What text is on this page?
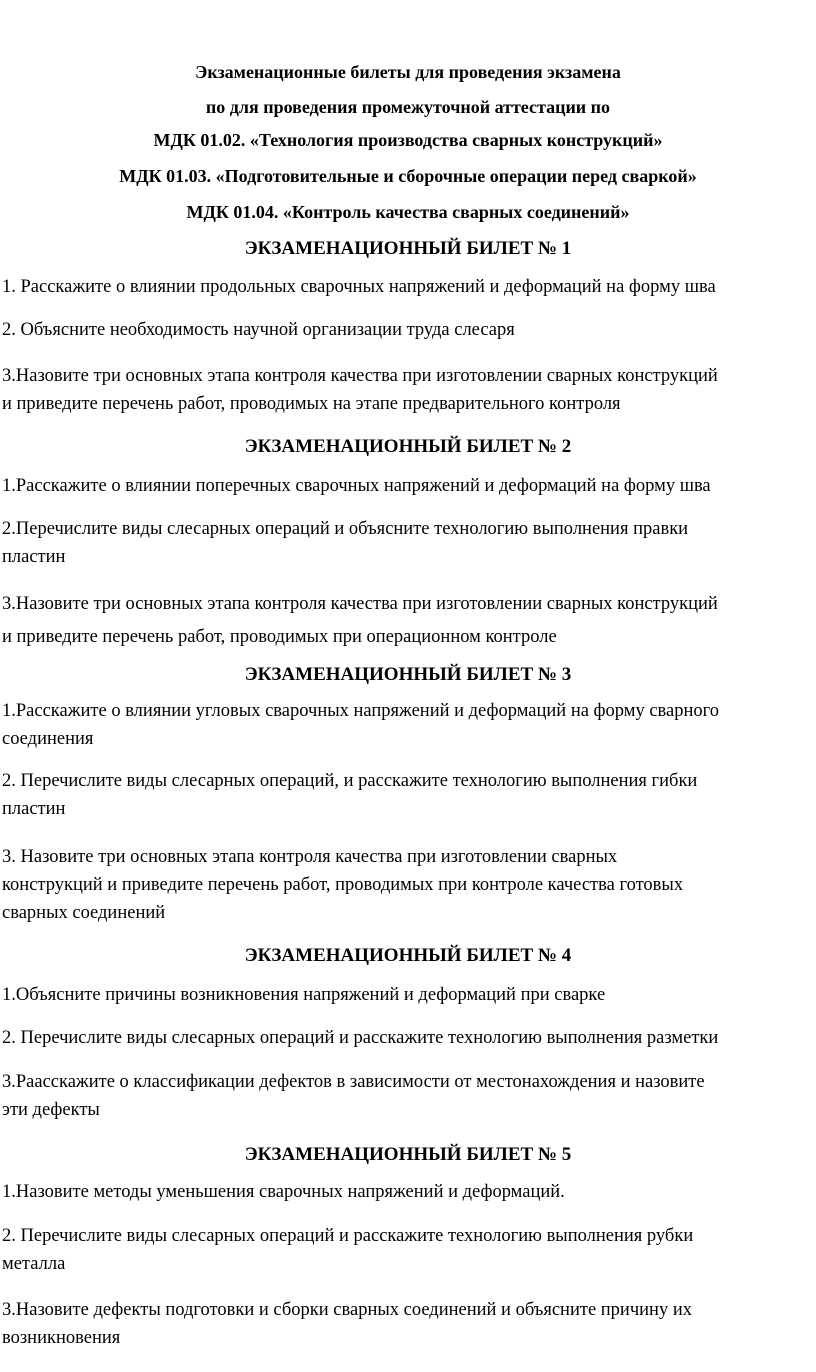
Экзаменационные билеты для проведения экзамена
по для проведения промежуточной аттестации по
МДК 01.02. «Технология производства сварных конструкций»
МДК 01.03. «Подготовительные и сборочные операции перед сваркой»
МДК 01.04. «Контроль качества сварных соединений»
ЭКЗАМЕНАЦИОННЫЙ БИЛЕТ № 1
1. Расскажите о влиянии продольных сварочных напряжений и деформаций на форму шва
2. Объясните необходимость научной организации труда слесаря
3.Назовите три основных этапа контроля качества при изготовлении сварных конструкций
и приведите перечень работ, проводимых на этапе предварительного контроля
ЭКЗАМЕНАЦИОННЫЙ БИЛЕТ № 2
1.Расскажите о влиянии поперечных сварочных напряжений и деформаций на форму шва
2.Перечислите виды слесарных операций и объясните технологию выполнения правки
пластин
3.Назовите три основных этапа контроля качества при изготовлении сварных конструкций
и приведите перечень работ, проводимых при операционном контроле
ЭКЗАМЕНАЦИОННЫЙ БИЛЕТ № 3
1.Расскажите о влиянии угловых сварочных напряжений и деформаций на форму сварного
соединения
2. Перечислите виды слесарных операций, и расскажите технологию выполнения гибки
пластин
3. Назовите три основных этапа контроля качества при изготовлении сварных
конструкций и приведите перечень работ, проводимых при контроле качества готовых
сварных соединений
ЭКЗАМЕНАЦИОННЫЙ БИЛЕТ № 4
1.Объясните причины возникновения напряжений и деформаций при сварке
2. Перечислите виды слесарных операций и расскажите технологию выполнения разметки
3.Раасскажите о классификации дефектов в зависимости от местонахождения и назовите
эти дефекты
ЭКЗАМЕНАЦИОННЫЙ БИЛЕТ № 5
1.Назовите методы уменьшения сварочных напряжений и деформаций.
2. Перечислите виды слесарных операций и расскажите технологию выполнения рубки
металла
3.Назовите дефекты подготовки и сборки сварных соединений и объясните причину их
возникновения
